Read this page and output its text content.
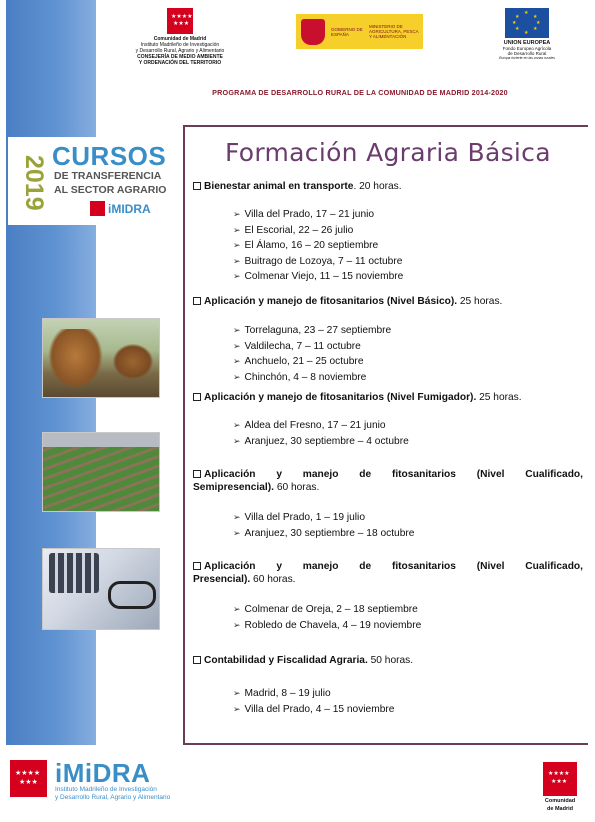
★★★★
★★★
Comunidad de Madrid
Instituto Madrileño de Investigación
y Desarrollo Rural, Agrario y Alimentario
CONSEJERÍA DE MEDIO AMBIENTE
Y ORDENACIÓN DEL TERRITORIO
GOBIERNO DE ESPAÑA
MINISTERIO DE AGRICULTURA, PESCA Y ALIMENTACIÓN
★
★	★
★	★
★	★
★
UNION EUROPEA
Fondo Europeo Agrícola
de Desarrollo Rural
Europa invierte en las zonas rurales
PROGRAMA DE DESARROLLO RURAL DE LA COMUNIDAD DE MADRID 2014-2020
2019 CURSOS
DE TRANSFERENCIA
AL SECTOR AGRARIO
iMIDRA
Formación Agraria Básica
Bienestar animal en transporte. 20 horas.
➢ Villa del Prado, 17 – 21 junio
➢ El Escorial, 22 – 26 julio
➢ El Álamo, 16 – 20 septiembre
➢ Buitrago de Lozoya, 7 – 11 octubre
➢ Colmenar Viejo, 11 – 15 noviembre
Aplicación y manejo de fitosanitarios (Nivel Básico). 25 horas.
➢ Torrelaguna, 23 – 27 septiembre
➢ Valdilecha, 7 – 11 octubre
➢ Anchuelo, 21 – 25 octubre
➢ Chinchón, 4 – 8 noviembre
Aplicación y manejo de fitosanitarios (Nivel Fumigador). 25 horas.
➢ Aldea del Fresno, 17 – 21 junio
➢ Aranjuez, 30 septiembre – 4 octubre
Aplicación y manejo de fitosanitarios (Nivel Cualificado,
Semipresencial). 60 horas.
➢ Villa del Prado, 1 – 19 julio
➢ Aranjuez, 30 septiembre – 18 octubre
Aplicación y manejo de fitosanitarios (Nivel Cualificado,
Presencial). 60 horas.
➢ Colmenar de Oreja, 2 – 18 septiembre
➢ Robledo de Chavela, 4 – 19 noviembre
Contabilidad y Fiscalidad Agraria. 50 horas.
➢ Madrid, 8 – 19 julio
➢ Villa del Prado, 4 – 15 noviembre
★★★★
★★★ iMiDRA
Instituto Madrileño de Investigación
y Desarrollo Rural, Agrario y Alimentario
★★★★
★★★
Comunidad
de Madrid
